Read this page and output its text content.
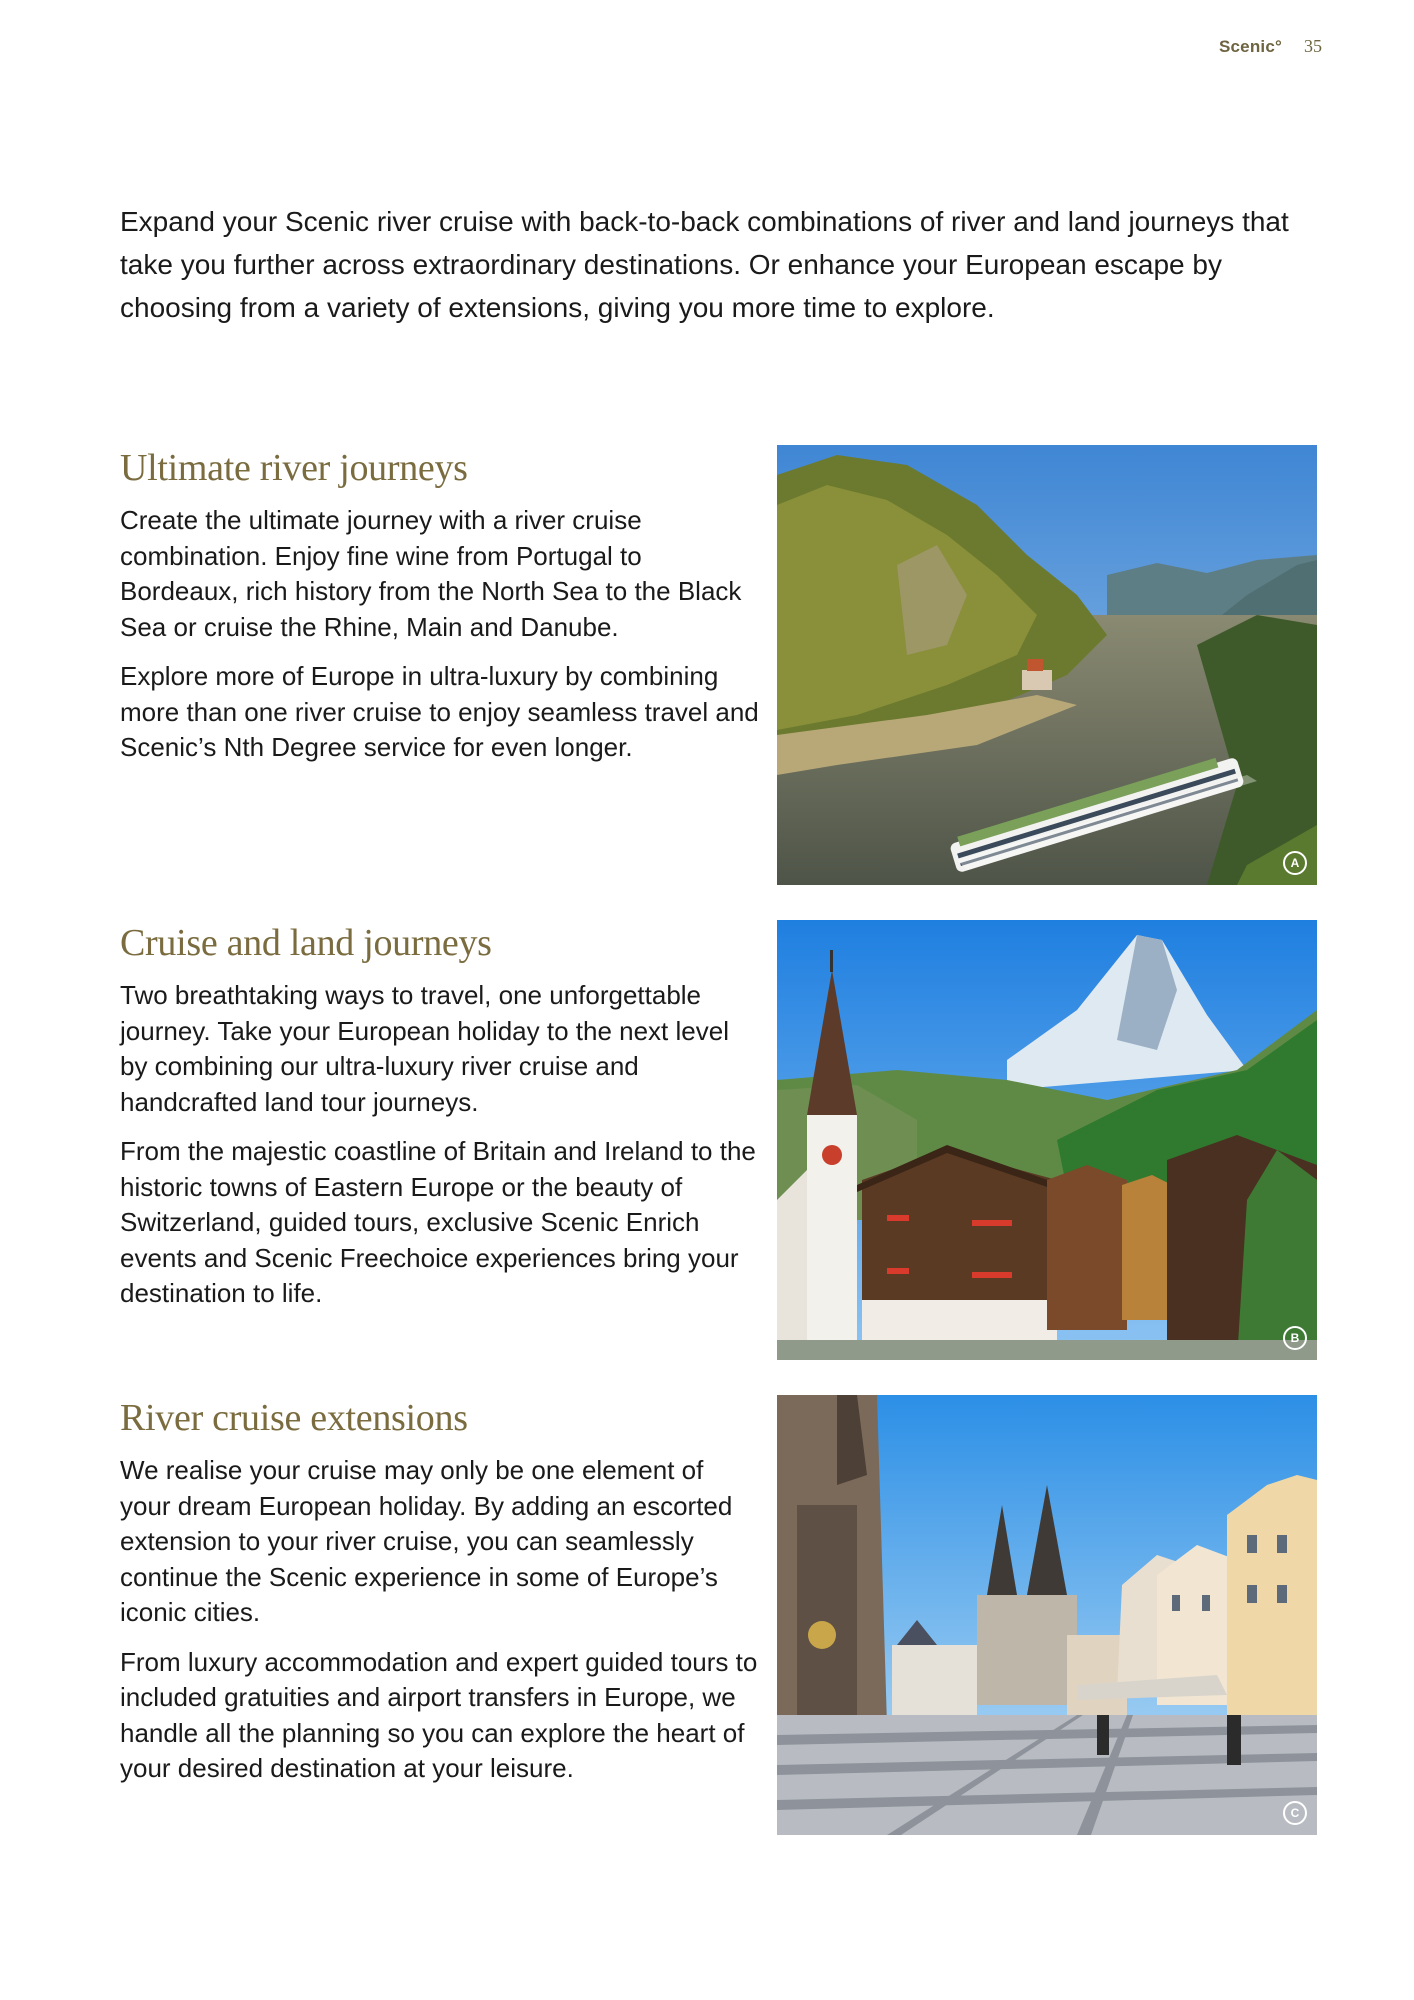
Scenic° 35

Expand your Scenic river cruise with back-to-back combinations of river and land journeys that take you further across extraordinary destinations. Or enhance your European escape by choosing from a variety of extensions, giving you more time to explore.

Ultimate river journeys

Create the ultimate journey with a river cruise combination. Enjoy fine wine from Portugal to Bordeaux, rich history from the North Sea to the Black Sea or cruise the Rhine, Main and Danube.

Explore more of Europe in ultra-luxury by combining more than one river cruise to enjoy seamless travel and Scenic’s Nth Degree service for even longer.

A
Cruise and land journeys

Two breathtaking ways to travel, one unforgettable journey. Take your European holiday to the next level by combining our ultra-luxury river cruise and handcrafted land tour journeys.

From the majestic coastline of Britain and Ireland to the historic towns of Eastern Europe or the beauty of Switzerland, guided tours, exclusive Scenic Enrich events and Scenic Freechoice experiences bring your destination to life.

B
River cruise extensions

We realise your cruise may only be one element of your dream European holiday. By adding an escorted extension to your river cruise, you can seamlessly continue the Scenic experience in some of Europe’s iconic cities.

From luxury accommodation and expert guided tours to included gratuities and airport transfers in Europe, we handle all the planning so you can explore the heart of your desired destination at your leisure.

C
